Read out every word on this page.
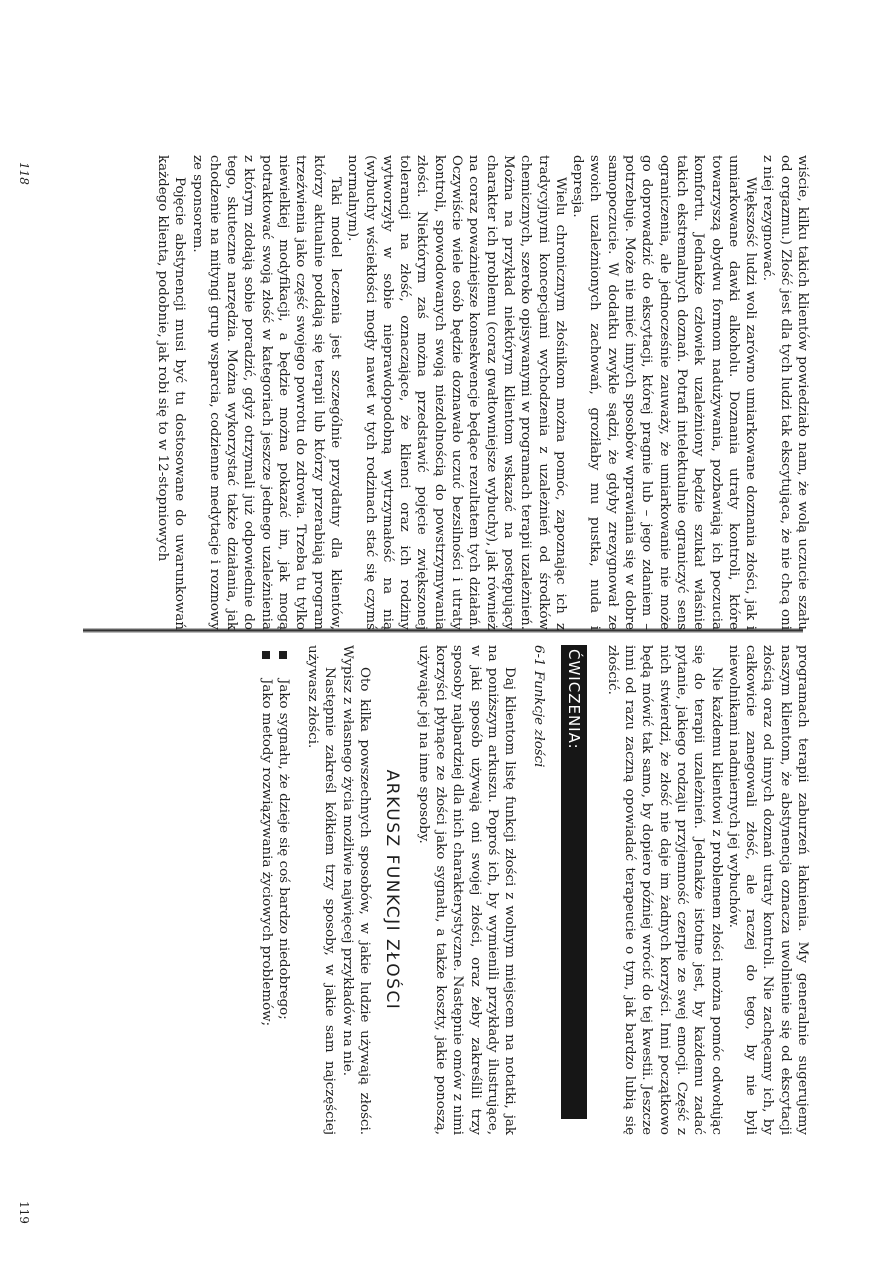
wiście, kilku takich klientów powiedziało nam, że wolą uczucie szału od orgazmu.) Złość jest dla tych ludzi tak ekscytująca, że nie chcą oni z niej rezygnować.

Większość ludzi woli zarówno umiarkowane doznania złości, jak i umiarkowane dawki alkoholu. Doznania utraty kontroli, które towarzyszą obydwu formom nadużywania, pozbawiają ich poczucia komfortu. Jednakże człowiek uzależniony będzie szukał właśnie takich ekstremalnych doznań. Potrafi intelektualnie ograniczyć sens ograniczenia, ale jednocześnie zauważy, że umiarkowanie nie może go doprowadzić do ekscytacji, której pragnie lub – jego zdaniem – potrzebuje. Może nie mieć innych sposobów wprawiania się w dobre samopoczucie. W dodatku zwykle sądzi, że gdyby zrezygnował ze swoich uzależnionych zachowań, groziłaby mu pustka, nuda i depresja.

Wielu chronicznym złośnikom można pomóc, zapoznając ich z tradycyjnymi koncepcjami wychodzenia z uzależnień od środków chemicznych, szeroko opisywanymi w programach terapii uzależnień. Można na przykład niektórym klientom wskazać na postępujący charakter ich problemu (coraz gwałtowniejsze wybuchy), jak również na coraz poważniejsze konsekwencje będące rezultatem tych działań. Oczywiście wiele osób będzie doznawało uczuć bezsilności i utraty kontroli, spowodowanych swoją niezdolnością do powstrzymywania złości. Niektórym zaś można przedstawić pojęcie zwiększonej tolerancji na złość, oznaczające, że klienci oraz ich rodziny wytworzyły w sobie nieprawdopodobną wytrzymałość na nią (wybuchy wściekłości mogły nawet w tych rodzinach stać się czymś normalnym).

Taki model leczenia jest szczególnie przydatny dla klientów, którzy aktualnie poddają się terapii lub którzy przerabiają program trzeźwienia jako część swojego powrotu do zdrowia. Trzeba tu tylko niewielkiej modyfikacji, a będzie można pokazać im, jak mogą potraktować swoją złość w kategoriach jeszcze jednego uzależnienia z którym zdołają sobie poradzić, gdyż otrzymali już odpowiednie do tego, skuteczne narzędzia. Można wykorzystać także działania, jak chodzenie na mityngi grup wsparcia, codzienne medytacje i rozmowy ze sponsorem.

Pojęcie abstynencji musi być tu dostosowane do uwarunkowań każdego klienta, podobnie, jak robi się to w 12-stopniowych

118

programach terapii zaburzeń łaknienia. My generalnie sugerujemy naszym klientom, że abstynencja oznacza uwolnienie się od ekscytacji złością oraz od innych doznań utraty kontroli. Nie zachęcamy ich, by całkowicie zanegowali złość, ale raczej do tego, by nie byli niewolnikami nadmiernych jej wybuchów.

Nie każdemu klientowi z problemem złości można pomóc odwołując się do terapii uzależnień. Jednakże istotne jest, by każdemu zadać pytanie, jakiego rodzaju przyjemność czerpie ze swej emocji. Część z nich stwierdzi, że złość nie daje im żadnych korzyści. Inni początkowo będą mówić tak samo, by dopiero później wrócić do tej kwestii. Jeszcze inni od razu zaczną opowiadać terapeucie o tym, jak bardzo lubią się złościć.

ĆWICZENIA:
6-1 Funkcje złości

Daj klientom listę funkcji złości z wolnym miejscem na notatki, jak na poniższym arkuszu. Poproś ich, by wymienili przykłady ilustrujące, w jaki sposób używają oni swojej złości, oraz żeby zakreślili trzy sposoby najbardziej dla nich charakterystyczne. Następnie omów z nimi korzyści płynące ze złości jako sygnału, a także koszty, jakie ponoszą, używając jej na inne sposoby.

ARKUSZ FUNKCJI ZŁOŚCI

Oto kilka powszechnych sposobów, w jakie ludzie używają złości. Wypisz z własnego życia możliwie najwięcej przykładów na nie.

Następnie zakreśl kółkiem trzy sposoby, w jakie sam najczęściej używasz złości.

Jako sygnału, że dzieje się coś bardzo niedobrego;
Jako metody rozwiązywania życiowych problemów;
119
